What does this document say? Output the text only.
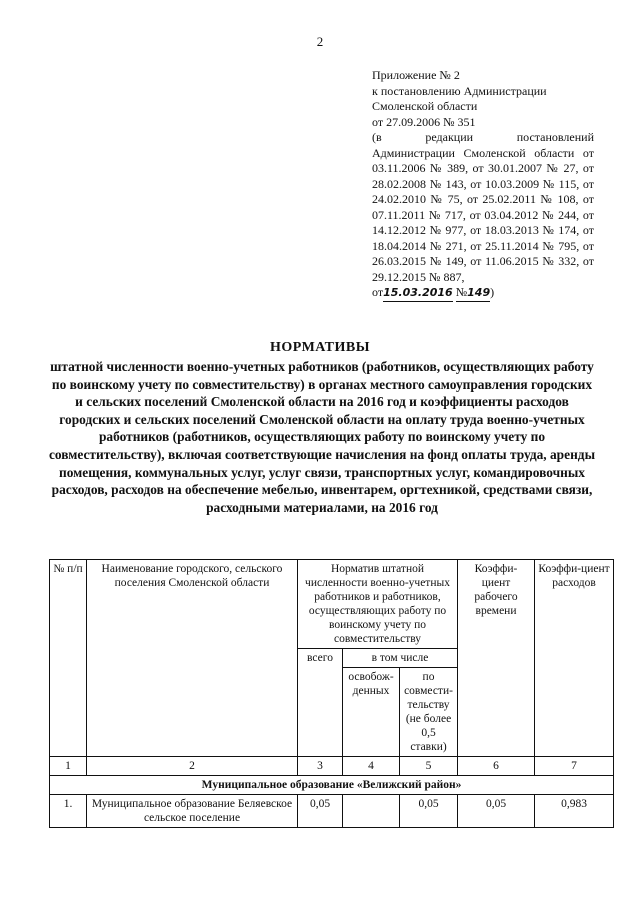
2
Приложение № 2
к постановлению Администрации
Смоленской области
от 27.09.2006 № 351
(в редакции постановлений Администрации Смоленской области от 03.11.2006 № 389, от 30.01.2007 № 27, от 28.02.2008 № 143, от 10.03.2009 № 115, от 24.02.2010 № 75, от 25.02.2011 № 108, от 07.11.2011 № 717, от 03.04.2012 № 244, от 14.12.2012 № 977, от 18.03.2013 № 174, от 18.04.2014 № 271, от 25.11.2014 № 795, от 26.03.2015 № 149, от 11.06.2015 № 332, от 29.12.2015 № 887,
от15.03.2016 №149)
НОРМАТИВЫ
штатной численности военно-учетных работников (работников, осуществляющих работу по воинскому учету по совместительству) в органах местного самоуправления городских и сельских поселений Смоленской области на 2016 год и коэффициенты расходов городских и сельских поселений Смоленской области на оплату труда военно-учетных работников (работников, осуществляющих работу по воинскому учету по совместительству), включая соответствующие начисления на фонд оплаты труда, аренды помещения, коммунальных услуг, услуг связи, транспортных услуг, командировочных расходов, расходов на обеспечение мебелью, инвентарем, оргтехникой, средствами связи, расходными материалами, на 2016 год
№ п/п	Наименование городского, сельского поселения Смоленской области	Норматив штатной численности военно-учетных работников и работников, осуществляющих работу по воинскому учету по совместительству			Коэффи-циент рабочего времени	Коэффи-циент расходов
		всего	в том числе			
			освобож-денных	по совмести-тельству (не более 0,5 ставки)		
1	2	3	4	5	6	7
Муниципальное образование «Велижский район»						
1.	Муниципальное образование Беляевское сельское поселение	0,05		0,05	0,05	0,983
